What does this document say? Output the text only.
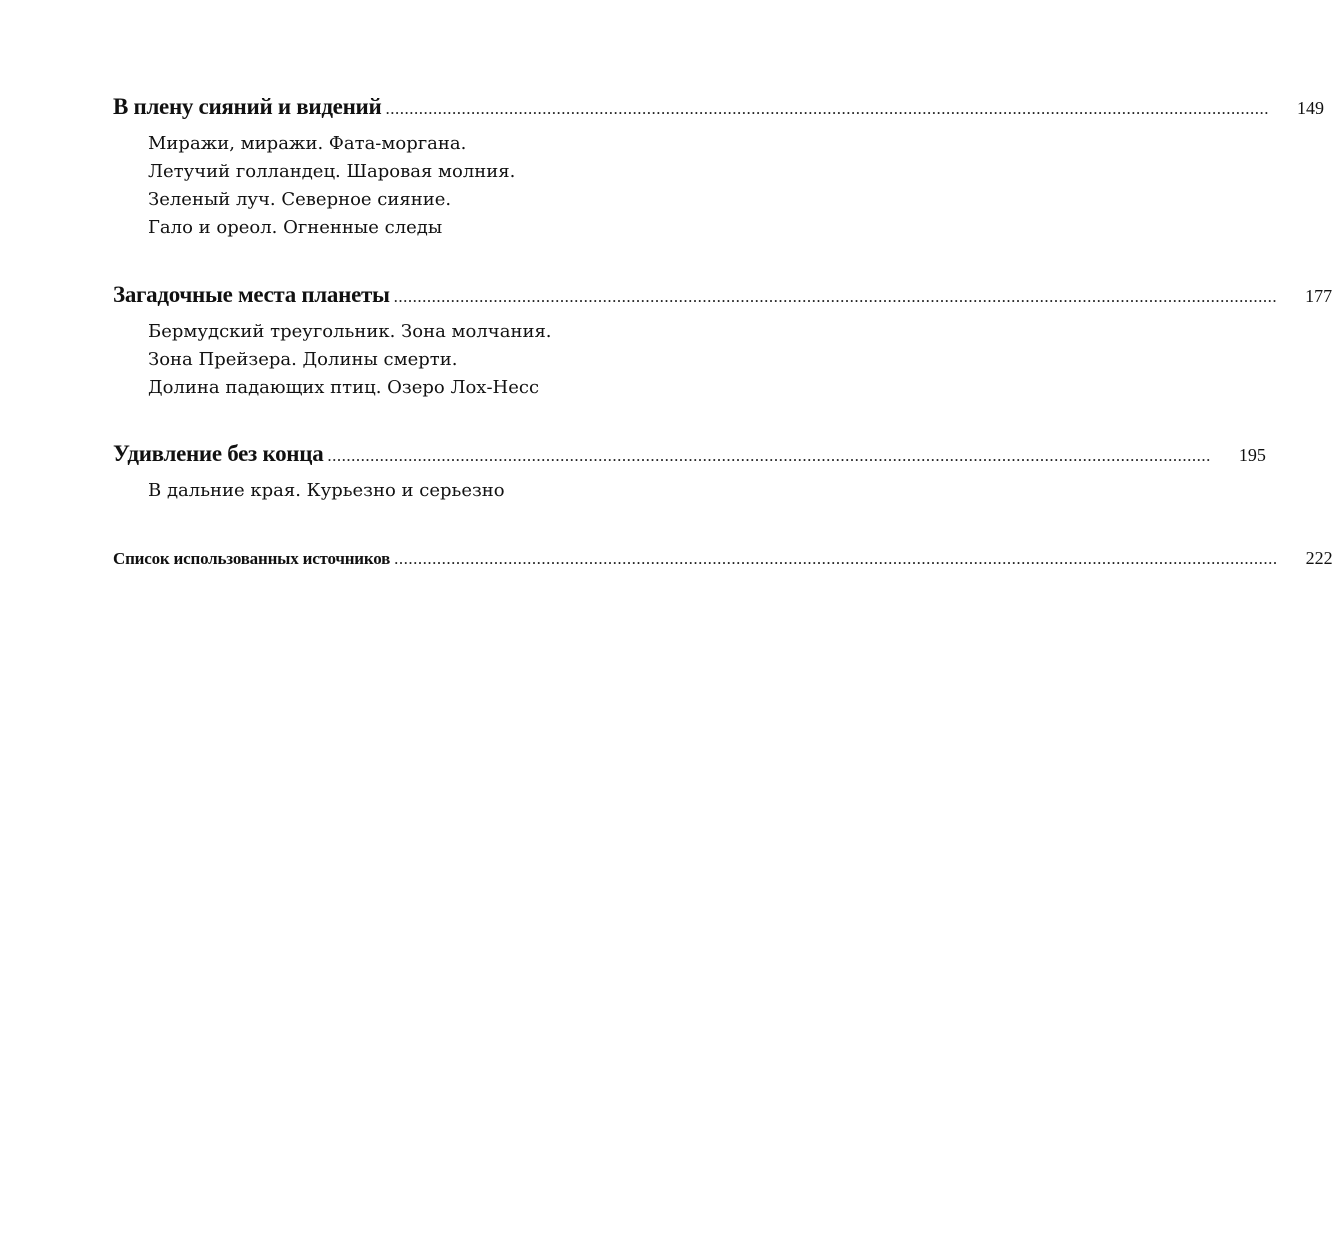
В плену сияний и видений .......................................................................................................................................................................................... 149
Миражи, миражи. Фата-моргана.
Летучий голландец. Шаровая молния.
Зеленый луч. Северное сияние.
Гало и ореол. Огненные следы
Загадочные места планеты .......................................................................................................................................................................................... 177
Бермудский треугольник. Зона молчания.
Зона Прейзера. Долины смерти.
Долина падающих птиц. Озеро Лох-Несс
Удивление без конца .......................................................................................................................................................................................... 195
В дальние края. Курьезно и серьезно
Список использованных источников .......................................................................................................................................................................................... 222
